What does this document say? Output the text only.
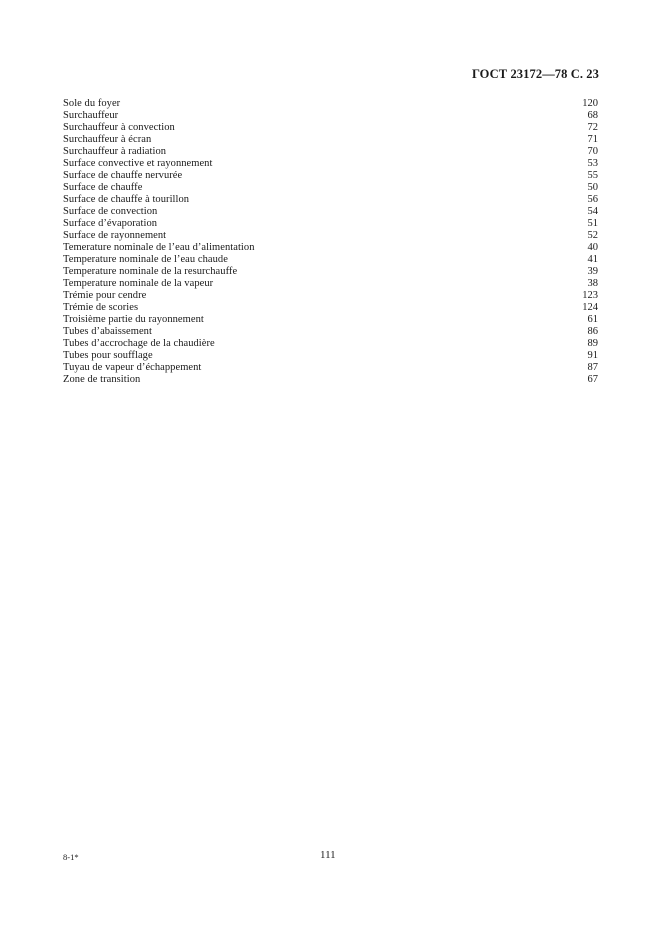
ГОСТ 23172—78 С. 23
Sole du foyer	120
Surchauffeur	68
Surchauffeur à convection	72
Surchauffeur à écran	71
Surchauffeur à radiation	70
Surface convective et rayonnement	53
Surface de chauffe nervurée	55
Surface de chauffe	50
Surface de chauffe à tourillon	56
Surface de convection	54
Surface d’évaporation	51
Surface de rayonnement	52
Temerature nominale de l’eau d’alimentation	40
Temperature nominale de l’eau chaude	41
Temperature nominale de la resurchauffe	39
Temperature nominale de la vapeur	38
Trémie pour cendre	123
Trémie de scories	124
Troisième partie du rayonnement	61
Tubes d’abaissement	86
Tubes d’accrochage de la chaudière	89
Tubes pour soufflage	91
Tuyau de vapeur d’échappement	87
Zone de transition	67
8-1*	111
